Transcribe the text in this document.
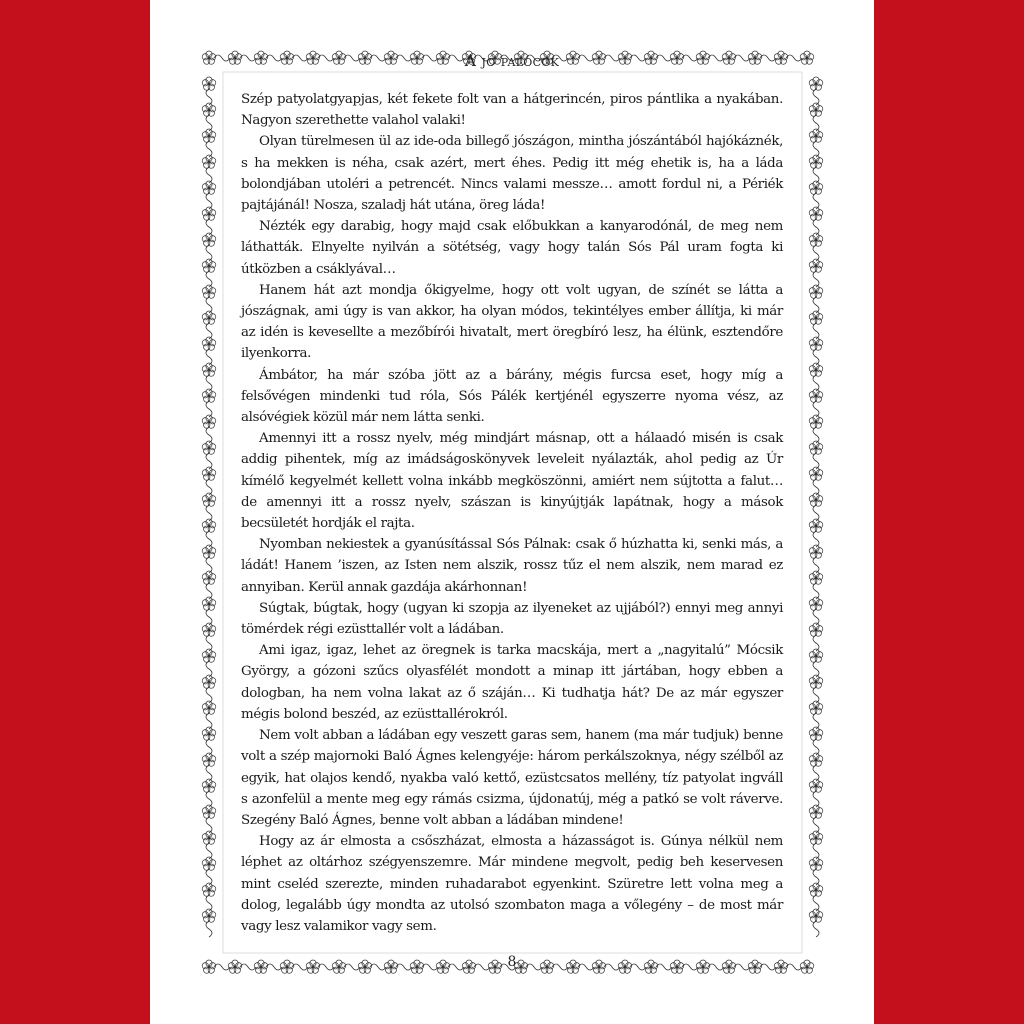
A jó palócok

Szép patyolatgyapjas, két fekete folt van a hátgerincén, piros pántlika a nyakában. Nagyon szerethette valahol valaki!

Olyan türelmesen ül az ide-oda billegő jószágon, mintha jószántából hajókázné​k, s ha mekken is néha, csak azért, mert éhes. Pedig itt még ehetik is, ha a láda bolondjában utoléri a petrencét. Nincs valami messze… amott fordul ni, a Périék pajtájánál! Nosza, szaladj hát utána, öreg láda!

Nézték egy darabig, hogy majd csak előbukkan a kanyarodónál, de meg nem láthatták. Elnyelte nyilván a sötétség, vagy hogy talán Sós Pál uram fogta ki útközben a csáklyával…

Hanem hát azt mondja őkigyelme, hogy ott volt ugyan, de színét se látta a jószágnak, ami úgy is van akkor, ha olyan módos, tekintélyes ember állítja, ki már az idén is kevesellte a mezőbírói hivatalt, mert öregbíró lesz, ha élünk, esztendőre ilyenkorra.

Ámbátor, ha már szóba jött az a bárány, mégis furcsa eset, hogy míg a felsővégen mindenki tud róla, Sós Pálék kertjénél egyszerre nyoma vész, az alsóvégiek közül már nem látta senki.

Amennyi itt a rossz nyelv, még mindjárt másnap, ott a hálaadó misén is csak addig pihentek, míg az imádságoskönyvek leveleit nyálazták, ahol pedig az Úr kímélő kegyelmét kellett volna inkább megköszönni, amiért nem sújtotta a falut… de amennyi itt a rossz nyelv, szászan is kinyújtják lapátnak, hogy a mások becsületét hordják el rajta.

Nyomban nekiestek a gyanúsítással Sós Pálnak: csak ő húzhatta ki, senki más, a ládát! Hanem ’iszen, az Isten nem alszik, rossz tűz el nem alszik, nem marad ez annyiban. Kerül annak gazdája akárhonnan!

Súgtak, búgtak, hogy (ugyan ki szopja az ilyeneket az ujjából?) ennyi meg annyi tömérdek régi ezüsttallér volt a ládában.

Ami igaz, igaz, lehet az öregnek is tarka macskája, mert a „nagyitalú” Mócsik György, a gózoni szűcs olyasfélét mondott a minap itt jártában, hogy ebben a dologban, ha nem volna lakat az ő száján… Ki tudhatja hát? De az már egyszer mégis bolond beszéd, az ezüsttallérokról.

Nem volt abban a ládában egy veszett garas sem, hanem (ma már tudjuk) benne volt a szép majornoki Baló Ágnes kelengyéje: három perkálszoknya, négy szélből az egyik, hat olajos kendő, nyakba való kettő, ezüstcsatos mellény, tíz patyolat ingváll s azonfelül a mente meg egy rámás csizma, újdonatúj, még a patkó se volt ráverve. Szegény Baló Ágnes, benne volt abban a ládában mindene!

Hogy az ár elmosta a csőszházat, elmosta a házasságot is. Gúnya nélkül nem léphet az oltárhoz szégyenszemre. Már mindene megvolt, pedig beh keservesen mint cseléd szerezte, minden ruhadarabot egyenkint. Szüretre lett volna meg a dolog, legalább úgy mondta az utolsó szombaton maga a vőlegény – de most már vagy lesz valamikor vagy sem.

8
